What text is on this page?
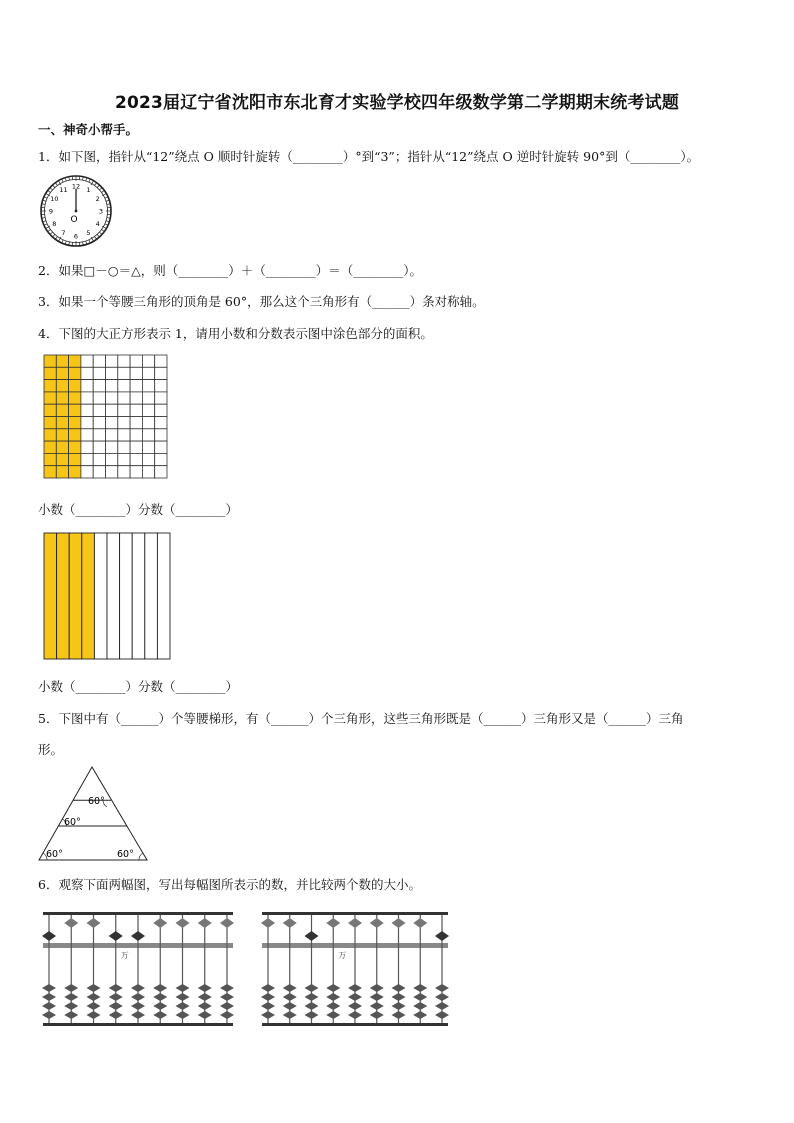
2023届辽宁省沈阳市东北育才实验学校四年级数学第二学期期末统考试题
一、神奇小帮手。
1．如下图，指针从“12”绕点 O 顺时针旋转（________）°到“3”；指针从“12”绕点 O 逆时针旋转 90°到（________）。
12 1
2
3
4
5
6
7
8
9
10
11
O
2．如果□－○＝△，则（________）＋（________）＝（________）。
3．如果一个等腰三角形的顶角是 60°，那么这个三角形有（______）条对称轴。
4．下图的大正方形表示 1，请用小数和分数表示图中涂色部分的面积。
小数（________）分数（________）
小数（________）分数（________）
5．下图中有（______）个等腰梯形，有（______）个三角形，这些三角形既是（______）三角形又是（______）三角
形。
60°
60°
60°	60°
6．观察下面两幅图，写出每幅图所表示的数，并比较两个数的大小。
万	万
